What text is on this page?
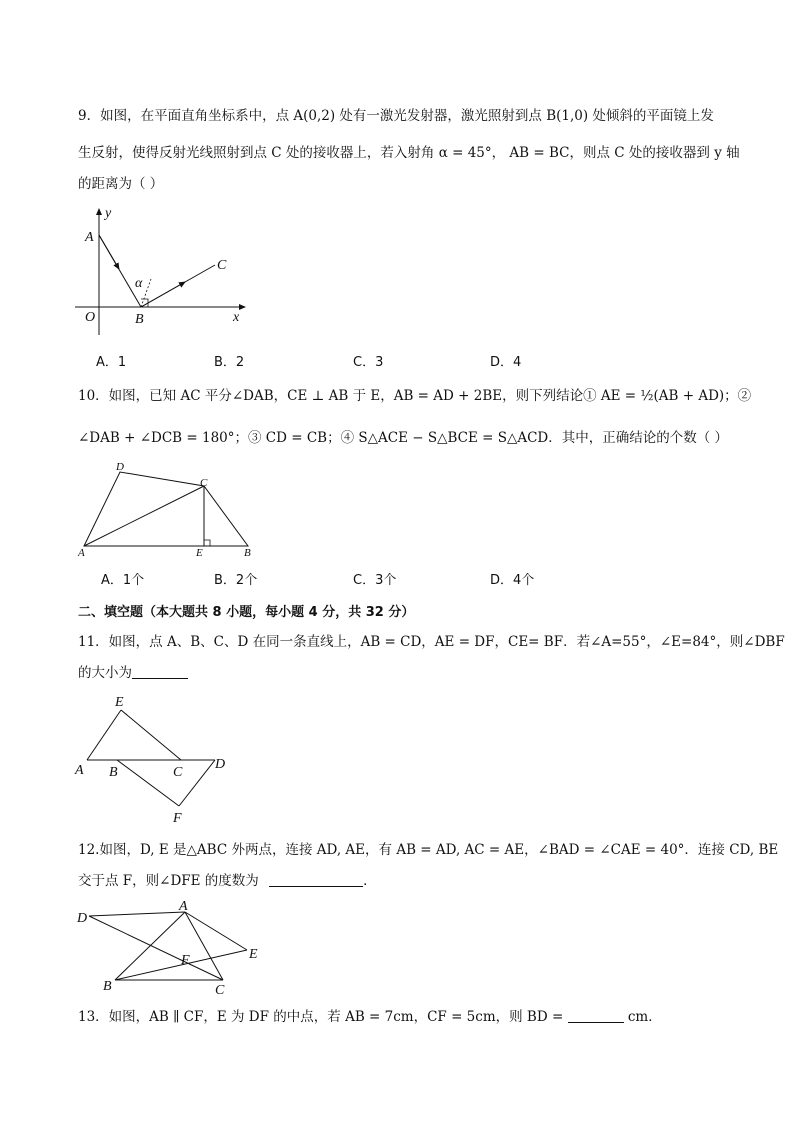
9．如图，在平面直角坐标系中，点 A(0,2) 处有一激光发射器，激光照射到点 B(1,0) 处倾斜的平面镜上发
生反射，使得反射光线照射到点 C 处的接收器上，若入射角 α = 45°， AB = BC，则点 C 处的接收器到 y 轴
的距离为（ ）
y
x
A
O	B
C
α
A．1	B．2	C．3	D．4
10．如图，已知 AC 平分∠DAB，CE ⊥ AB 于 E，AB = AD + 2BE，则下列结论① AE = ½(AB + AD)；②
∠DAB + ∠DCB = 180°；③ CD = CB；④ S△ACE − S△BCE = S△ACD．其中，正确结论的个数（ ）
D
C
A	E	B
A．1个	B．2个	C．3个	D．4个
二、填空题（本大题共 8 小题，每小题 4 分，共 32 分）
11．如图，点 A、B、C、D 在同一条直线上，AB = CD，AE = DF，CE= BF．若∠A=55°，∠E=84°，则∠DBF
的大小为
E
A B	C
D
F
12.如图，D, E 是△ABC 外两点，连接 AD, AE，有 AB = AD, AC = AE，∠BAD = ∠CAE = 40°．连接 CD, BE
交于点 F，则∠DFE 的度数为	．
D
A
E
F
B	C
13．如图，AB ∥ CF，E 为 DF 的中点，若 AB = 7cm，CF = 5cm，则 BD =	cm．
